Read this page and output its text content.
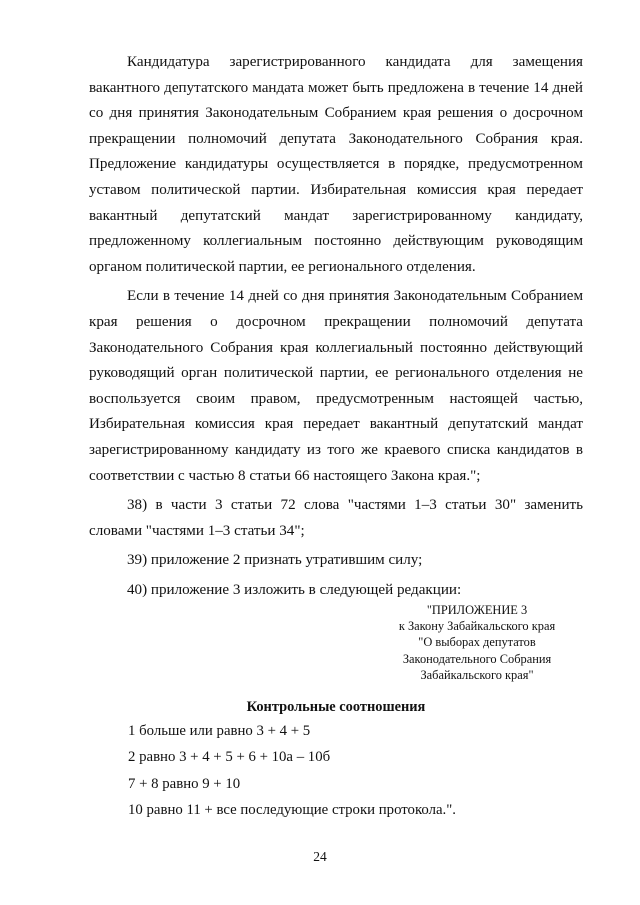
Кандидатура зарегистрированного кандидата для замещения вакантного депутатского мандата может быть предложена в течение 14 дней со дня принятия Законодательным Собранием края решения о досрочном прекращении полномочий депутата Законодательного Собрания края. Предложение кандидатуры осуществляется в порядке, предусмотренном уставом политической партии. Избирательная комиссия края передает вакантный депутатский мандат зарегистрированному кандидату, предложенному коллегиальным постоянно действующим руководящим органом политической партии, ее регионального отделения.

Если в течение 14 дней со дня принятия Законодательным Собранием края решения о досрочном прекращении полномочий депутата Законодательного Собрания края коллегиальный постоянно действующий руководящий орган политической партии, ее регионального отделения не воспользуется своим правом, предусмотренным настоящей частью, Избирательная комиссия края передает вакантный депутатский мандат зарегистрированному кандидату из того же краевого списка кандидатов в соответствии с частью 8 статьи 66 настоящего Закона края.";

38) в части 3 статьи 72 слова "частями 1–3 статьи 30" заменить словами "частями 1–3 статьи 34";

39) приложение 2 признать утратившим силу;

40) приложение 3 изложить в следующей редакции:

"ПРИЛОЖЕНИЕ 3
к Закону Забайкальского края
"О выборах депутатов
Законодательного Собрания
Забайкальского края"
Контрольные соотношения
1 больше или равно 3 + 4 + 5
2 равно 3 + 4 + 5 + 6 + 10а – 10б
7 + 8 равно 9 + 10
10 равно 11 + все последующие строки протокола.".
24
